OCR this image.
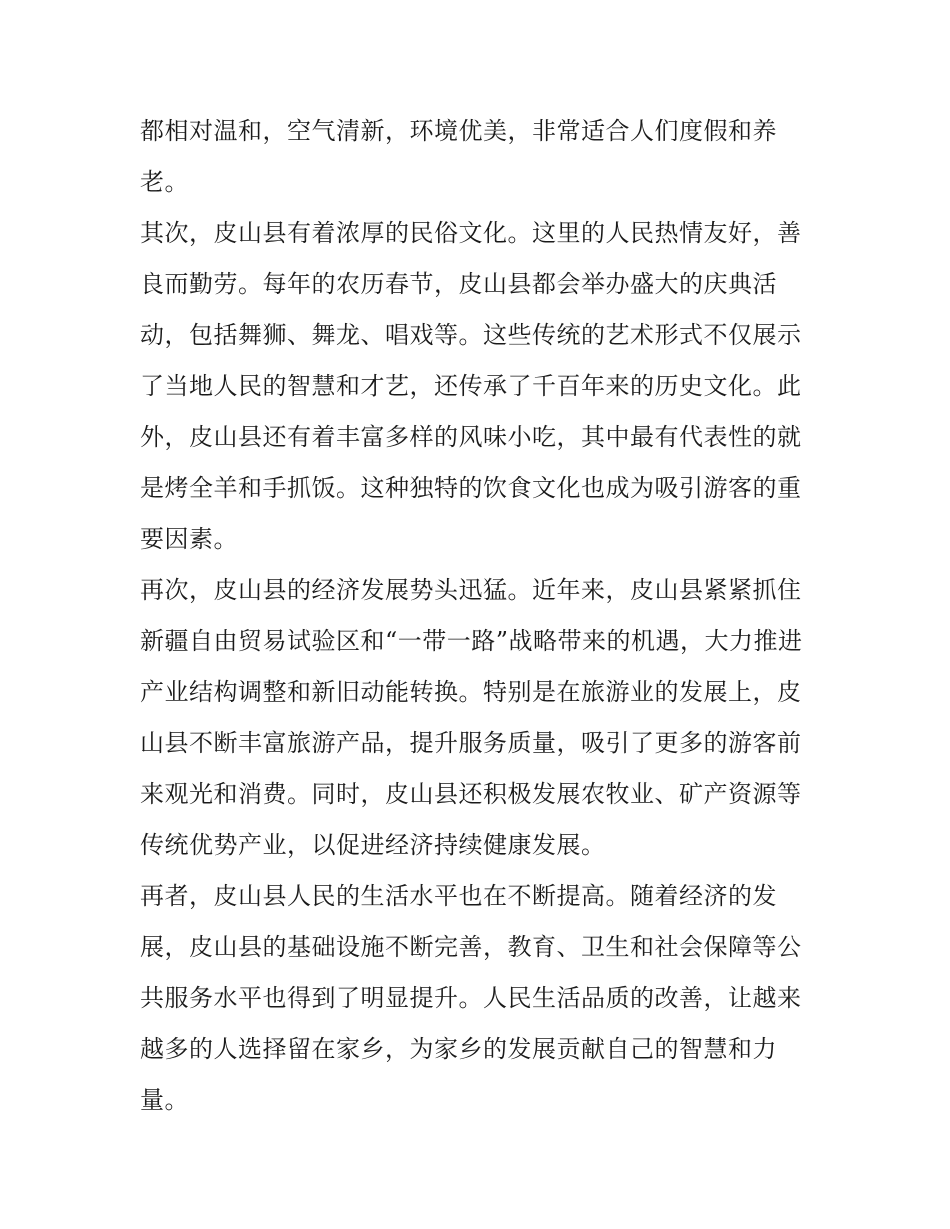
都相对温和，空气清新，环境优美，非常适合人们度假和养
老。
其次，皮山县有着浓厚的民俗文化。这里的人民热情友好，善
良而勤劳。每年的农历春节，皮山县都会举办盛大的庆典活
动，包括舞狮、舞龙、唱戏等。这些传统的艺术形式不仅展示
了当地人民的智慧和才艺，还传承了千百年来的历史文化。此
外，皮山县还有着丰富多样的风味小吃，其中最有代表性的就
是烤全羊和手抓饭。这种独特的饮食文化也成为吸引游客的重
要因素。
再次，皮山县的经济发展势头迅猛。近年来，皮山县紧紧抓住
新疆自由贸易试验区和“一带一路”战略带来的机遇，大力推进
产业结构调整和新旧动能转换。特别是在旅游业的发展上，皮
山县不断丰富旅游产品，提升服务质量，吸引了更多的游客前
来观光和消费。同时，皮山县还积极发展农牧业、矿产资源等
传统优势产业，以促进经济持续健康发展。
再者，皮山县人民的生活水平也在不断提高。随着经济的发
展，皮山县的基础设施不断完善，教育、卫生和社会保障等公
共服务水平也得到了明显提升。人民生活品质的改善，让越来
越多的人选择留在家乡，为家乡的发展贡献自己的智慧和力
量。
